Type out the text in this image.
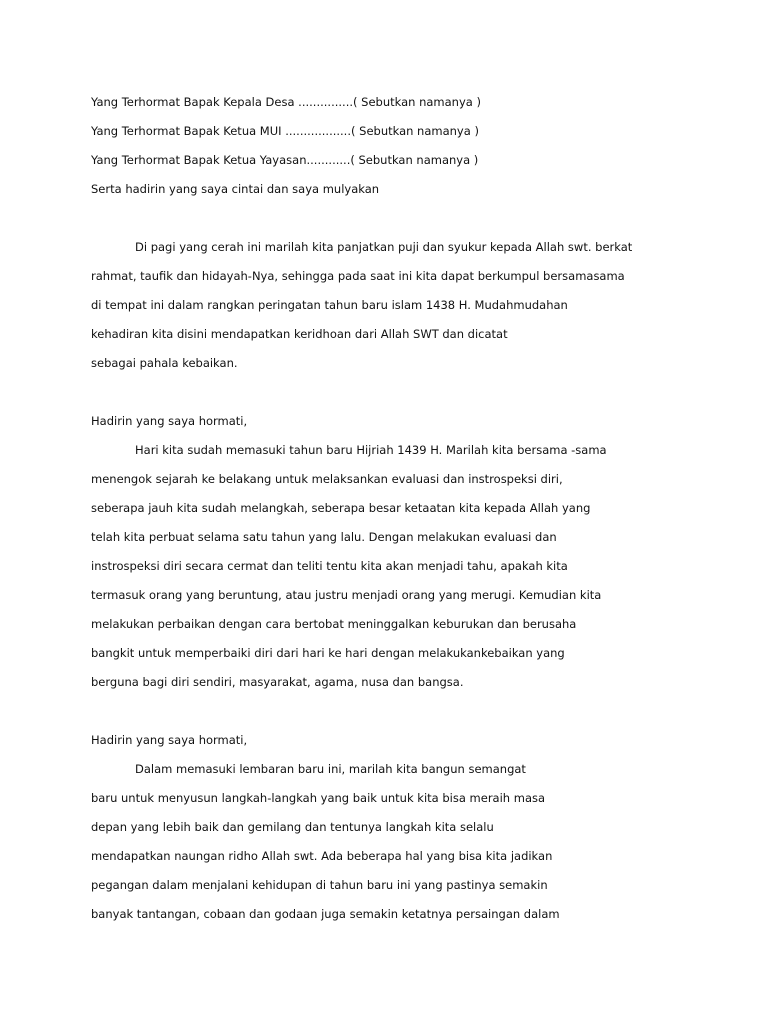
Yang Terhormat Bapak Kepala Desa ...............( Sebutkan namanya )
Yang Terhormat Bapak Ketua MUI ..................( Sebutkan namanya )
Yang Terhormat Bapak Ketua Yayasan............( Sebutkan namanya )
Serta hadirin yang saya cintai dan saya mulyakan
Di pagi yang cerah ini marilah kita panjatkan puji dan syukur kepada Allah swt. berkat
rahmat, taufik dan hidayah-Nya, sehingga pada saat ini kita dapat berkumpul bersamasama
di tempat ini dalam rangkan peringatan tahun baru islam 1438 H. Mudahmudahan
kehadiran kita disini mendapatkan keridhoan dari Allah SWT dan dicatat
sebagai pahala kebaikan.
Hadirin yang saya hormati,
Hari kita sudah memasuki tahun baru Hijriah 1439 H. Marilah kita bersama -sama
menengok sejarah ke belakang untuk melaksankan evaluasi dan instrospeksi diri,
seberapa jauh kita sudah melangkah, seberapa besar ketaatan kita kepada Allah yang
telah kita perbuat selama satu tahun yang lalu. Dengan melakukan evaluasi dan
instrospeksi diri secara cermat dan teliti tentu kita akan menjadi tahu, apakah kita
termasuk orang yang beruntung, atau justru menjadi orang yang merugi. Kemudian kita
melakukan perbaikan dengan cara bertobat meninggalkan keburukan dan berusaha
bangkit untuk memperbaiki diri dari hari ke hari dengan melakukankebaikan yang
berguna bagi diri sendiri, masyarakat, agama, nusa dan bangsa.
Hadirin yang saya hormati,
Dalam memasuki lembaran baru ini, marilah kita bangun semangat
baru untuk menyusun langkah-langkah yang baik untuk kita bisa meraih masa
depan yang lebih baik dan gemilang dan tentunya langkah kita selalu
mendapatkan naungan ridho Allah swt. Ada beberapa hal yang bisa kita jadikan
pegangan dalam menjalani kehidupan di tahun baru ini yang pastinya semakin
banyak tantangan, cobaan dan godaan juga semakin ketatnya persaingan dalam
